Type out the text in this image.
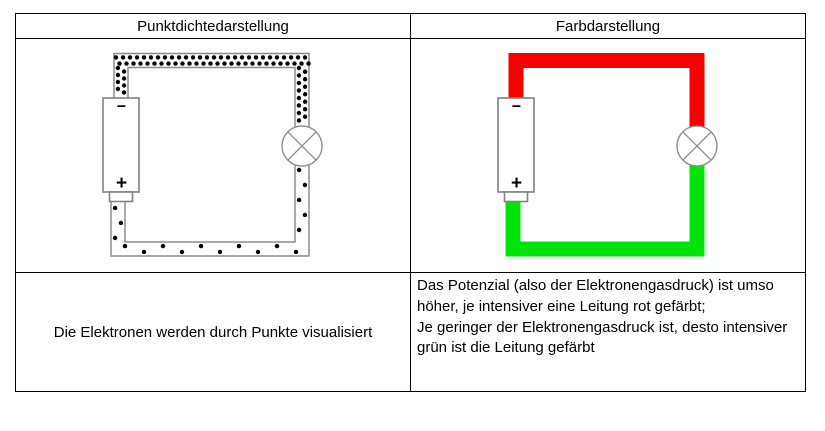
Punktdichtedarstellung	Farbdarstellung

−
+	−
+

Die Elektronen werden durch Punkte visualisiert	Das Potenzial (also der Elektronengasdruck) ist umso höher, je intensiver eine Leitung rot gefärbt;
Je geringer der Elektronengasdruck ist, desto intensiver grün ist die Leitung gefärbt
